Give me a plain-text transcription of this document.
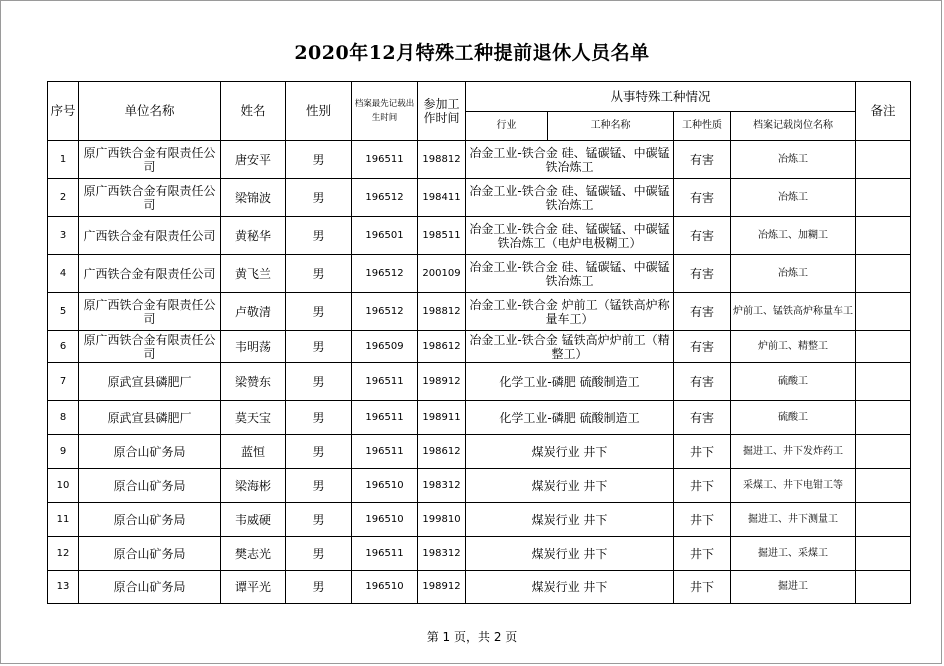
2020年12月特殊工种提前退休人员名单
序号	单位名称	姓名	性别	档案最先记载出生时间	参加工作时间	从事特殊工种情况				备注
						行业	工种名称	工种性质	档案记载岗位名称	
1	原广西铁合金有限责任公司	唐安平	男	196511	198812	冶金工业-铁合金 硅、锰碳锰、中碳锰铁冶炼工		有害	冶炼工	
2	原广西铁合金有限责任公司	梁锦波	男	196512	198411	冶金工业-铁合金 硅、锰碳锰、中碳锰铁冶炼工		有害	冶炼工	
3	广西铁合金有限责任公司	黄秘华	男	196501	198511	冶金工业-铁合金 硅、锰碳锰、中碳锰铁冶炼工（电炉电极糊工）		有害	冶炼工、加糊工	
4	广西铁合金有限责任公司	黄飞兰	男	196512	200109	冶金工业-铁合金 硅、锰碳锰、中碳锰铁冶炼工		有害	冶炼工	
5	原广西铁合金有限责任公司	卢敬清	男	196512	198812	冶金工业-铁合金 炉前工（锰铁高炉称量车工）		有害	炉前工、锰铁高炉称量车工	
6	原广西铁合金有限责任公司	韦明荡	男	196509	198612	冶金工业-铁合金 锰铁高炉炉前工（精整工）		有害	炉前工、精整工	
7	原武宣县磷肥厂	梁赞东	男	196511	198912	化学工业-磷肥 硫酸制造工		有害	硫酸工	
8	原武宣县磷肥厂	莫天宝	男	196511	198911	化学工业-磷肥 硫酸制造工		有害	硫酸工	
9	原合山矿务局	蓝恒	男	196511	198612	煤炭行业 井下		井下	掘进工、井下发炸药工	
10	原合山矿务局	梁海彬	男	196510	198312	煤炭行业 井下		井下	采煤工、井下电钳工等	
11	原合山矿务局	韦威硬	男	196510	199810	煤炭行业 井下		井下	掘进工、井下测量工	
12	原合山矿务局	樊志光	男	196511	198312	煤炭行业 井下		井下	掘进工、采煤工	
13	原合山矿务局	谭平光	男	196510	198912	煤炭行业 井下		井下	掘进工	
第 1 页，共 2 页
